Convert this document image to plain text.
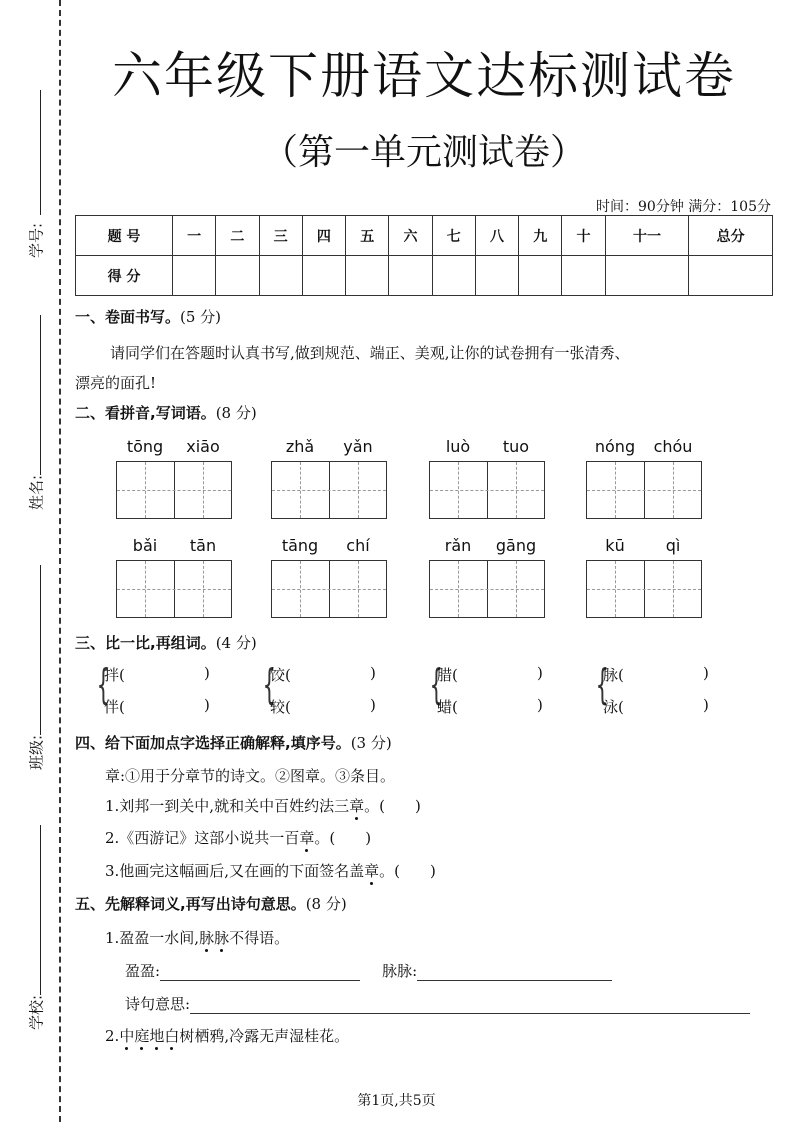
学号:
姓名:
班级:
学校:
六年级下册语文达标测试卷
（第一单元测试卷）
时间：90分钟 满分：105分
题 号	一	二	三	四	五	六	七	八	九	十	十一	总分
得 分												
一、卷面书写。(5 分)
请同学们在答题时认真书写,做到规范、端正、美观,让你的试卷拥有一张清秀、
漂亮的面孔!
二、看拼音,写词语。(8 分)
tōng	xiāo	zhǎ	yǎn	luò	tuo	nóng	chóu
bǎi	tān	tāng	chí	rǎn	gāng	kū	qì
三、比一比,再组词。(4 分)
{
拌(	)
伴(	) {
饺(	)
较(	) {
腊(	)
蜡(	) {
脉(	)
泳(	)
四、给下面加点字选择正确解释,填序号。(3 分)
章:①用于分章节的诗文。②图章。③条目。
1.刘邦一到关中,就和关中百姓约法三章。(　　)
2.《西游记》这部小说共一百章。(　　)
3.他画完这幅画后,又在画的下面签名盖章。(　　)
五、先解释词义,再写出诗句意思。(8 分)
1.盈盈一水间,脉脉不得语。
盈盈:	脉脉:
诗句意思:
2.中庭地白树栖鸦,冷露无声湿桂花。
第1页,共5页
